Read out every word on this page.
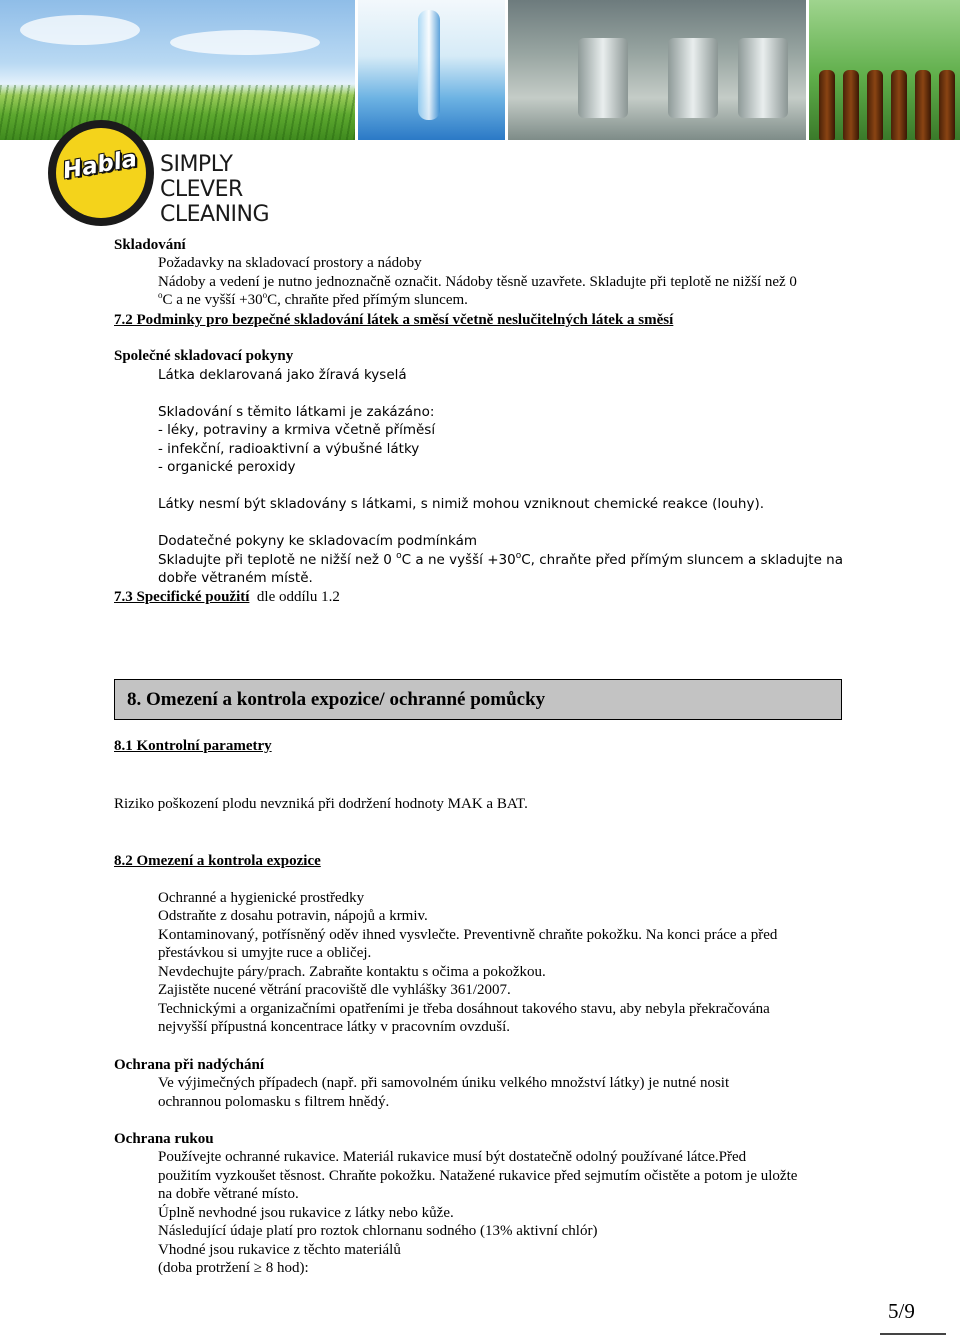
Habla SIMPLY
CLEVER
CLEANING
Skladování
Požadavky na skladovací prostory a nádoby
Nádoby a vedení je nutno jednoznačně označit. Nádoby těsně uzavřete. Skladujte při teplotě ne nižší než 0
$^o$C a ne vyšší $+30^oC$, chraňte před přímým sluncem.
7.2 Podminky pro bezpečné skladování látek a směsí včetně neslučitelných látek a směsí
Společné skladovací pokyny
Látka deklarovaná jako žíravá kyselá
Skladování s těmito látkami je zakázáno:
- léky, potraviny a krmiva včetně příměsí
- infekční, radioaktivní a výbušné látky
- organické peroxidy
Látky nesmí být skladovány s látkami, s nimiž mohou vzniknout chemické reakce (louhy).
Dodatečné pokyny ke skladovacím podmínkám
Skladujte při teplotě ne nižší než 0 $^o$C a ne vyšší $+30^oC$, chraňte před přímým sluncem a skladujte na
dobře větraném místě.
7.3 Specifické použití dle oddílu 1.2
8. Omezení a kontrola expozice/ ochranné pomůcky
8.1 Kontrolní parametry
Riziko poškození plodu nevzniká při dodržení hodnoty MAK a BAT.
8.2 Omezení a kontrola expozice
Ochranné a hygienické prostředky
Odstraňte z dosahu potravin, nápojů a krmiv.
Kontaminovaný, potřísněný oděv ihned vysvlečte. Preventivně chraňte pokožku. Na konci práce a před
přestávkou si umyjte ruce a obličej.
Nevdechujte páry/prach. Zabraňte kontaktu s očima a pokožkou.
Zajistěte nucené větrání pracoviště dle vyhlášky 361/2007.
Technickými a organizačními opatřeními je třeba dosáhnout takového stavu, aby nebyla překračována
nejvyšší přípustná koncentrace látky v pracovním ovzduší.
Ochrana při nadýchání
Ve výjimečných případech (např. při samovolném úniku velkého množství látky) je nutné nosit
ochrannou polomasku s filtrem hnědý.
Ochrana rukou
Používejte ochranné rukavice. Materiál rukavice musí být dostatečně odolný používané látce.Před
použitím vyzkoušet těsnost. Chraňte pokožku. Natažené rukavice před sejmutím očistěte a potom je uložte
na dobře větrané místo.
Úplně nevhodné jsou rukavice z látky nebo kůže.
Následující údaje platí pro roztok chlornanu sodného (13% aktivní chlór)
Vhodné jsou rukavice z těchto materiálů
(doba protržení ≥ 8 hod):
5/9
